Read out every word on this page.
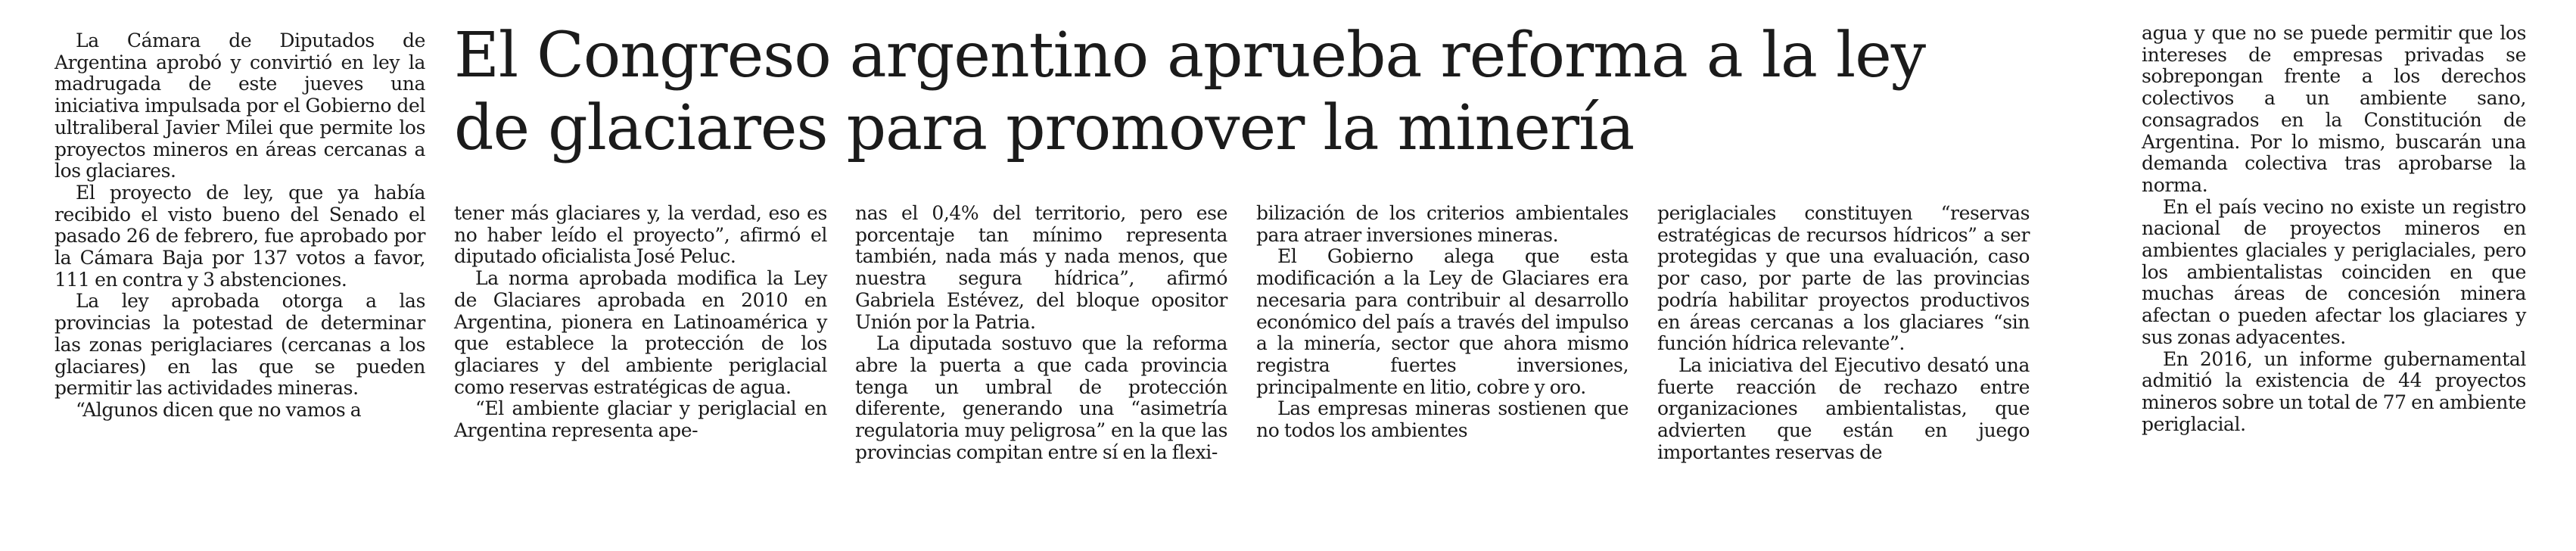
El Congreso argentino aprueba reforma a la ley
de glaciares para promover la minería

La Cámara de Diputados de Argentina aprobó y convirtió en ley la madrugada de este jueves una iniciativa impulsada por el Gobierno del ultraliberal Javier Milei que permite los proyectos mineros en áreas cercanas a los glaciares.

El proyecto de ley, que ya había recibido el visto bueno del Senado el pasado 26 de febrero, fue aprobado por la Cámara Baja por 137 votos a favor, 111 en contra y 3 abstenciones.

La ley aprobada otorga a las provincias la potestad de determinar las zonas periglaciares (cercanas a los glaciares) en las que se pueden permitir las actividades mineras.

“Algunos dicen que no vamos a

tener más glaciares y, la verdad, eso es no haber leído el proyecto”, afirmó el diputado oficialista José Peluc.

La norma aprobada modifica la Ley de Glaciares aprobada en 2010 en Argentina, pionera en Latinoamérica y que establece la protección de los glaciares y del ambiente periglacial como reservas estratégicas de agua.

“El ambiente glaciar y periglacial en Argentina representa ape-

nas el 0,4% del territorio, pero ese porcentaje tan mínimo representa también, nada más y nada menos, que nuestra segura hídrica”, afirmó Gabriela Estévez, del bloque opositor Unión por la Patria.

La diputada sostuvo que la reforma abre la puerta a que cada provincia tenga un umbral de protección diferente, generando una “asimetría regulatoria muy peligrosa” en la que las provincias compitan entre sí en la flexi-

bilización de los criterios ambientales para atraer inversiones mineras.

El Gobierno alega que esta modificación a la Ley de Glaciares era necesaria para contribuir al desarrollo económico del país a través del impulso a la minería, sector que ahora mismo registra fuertes inversiones, principalmente en litio, cobre y oro.

Las empresas mineras sostienen que no todos los ambientes

periglaciales constituyen “reservas estratégicas de recursos hídricos” a ser protegidas y que una evaluación, caso por caso, por parte de las provincias podría habilitar proyectos productivos en áreas cercanas a los glaciares “sin función hídrica relevante”.

La iniciativa del Ejecutivo desató una fuerte reacción de rechazo entre organizaciones ambientalistas, que advierten que están en juego importantes reservas de

agua y que no se puede permitir que los intereses de empresas privadas se sobrepongan frente a los derechos colectivos a un ambiente sano, consagrados en la Constitución de Argentina. Por lo mismo, buscarán una demanda colectiva tras aprobarse la norma.

En el país vecino no existe un registro nacional de proyectos mineros en ambientes glaciales y periglaciales, pero los ambientalistas coinciden en que muchas áreas de concesión minera afectan o pueden afectar los glaciares y sus zonas adyacentes.

En 2016, un informe gubernamental admitió la existencia de 44 proyectos mineros sobre un total de 77 en ambiente periglacial.
